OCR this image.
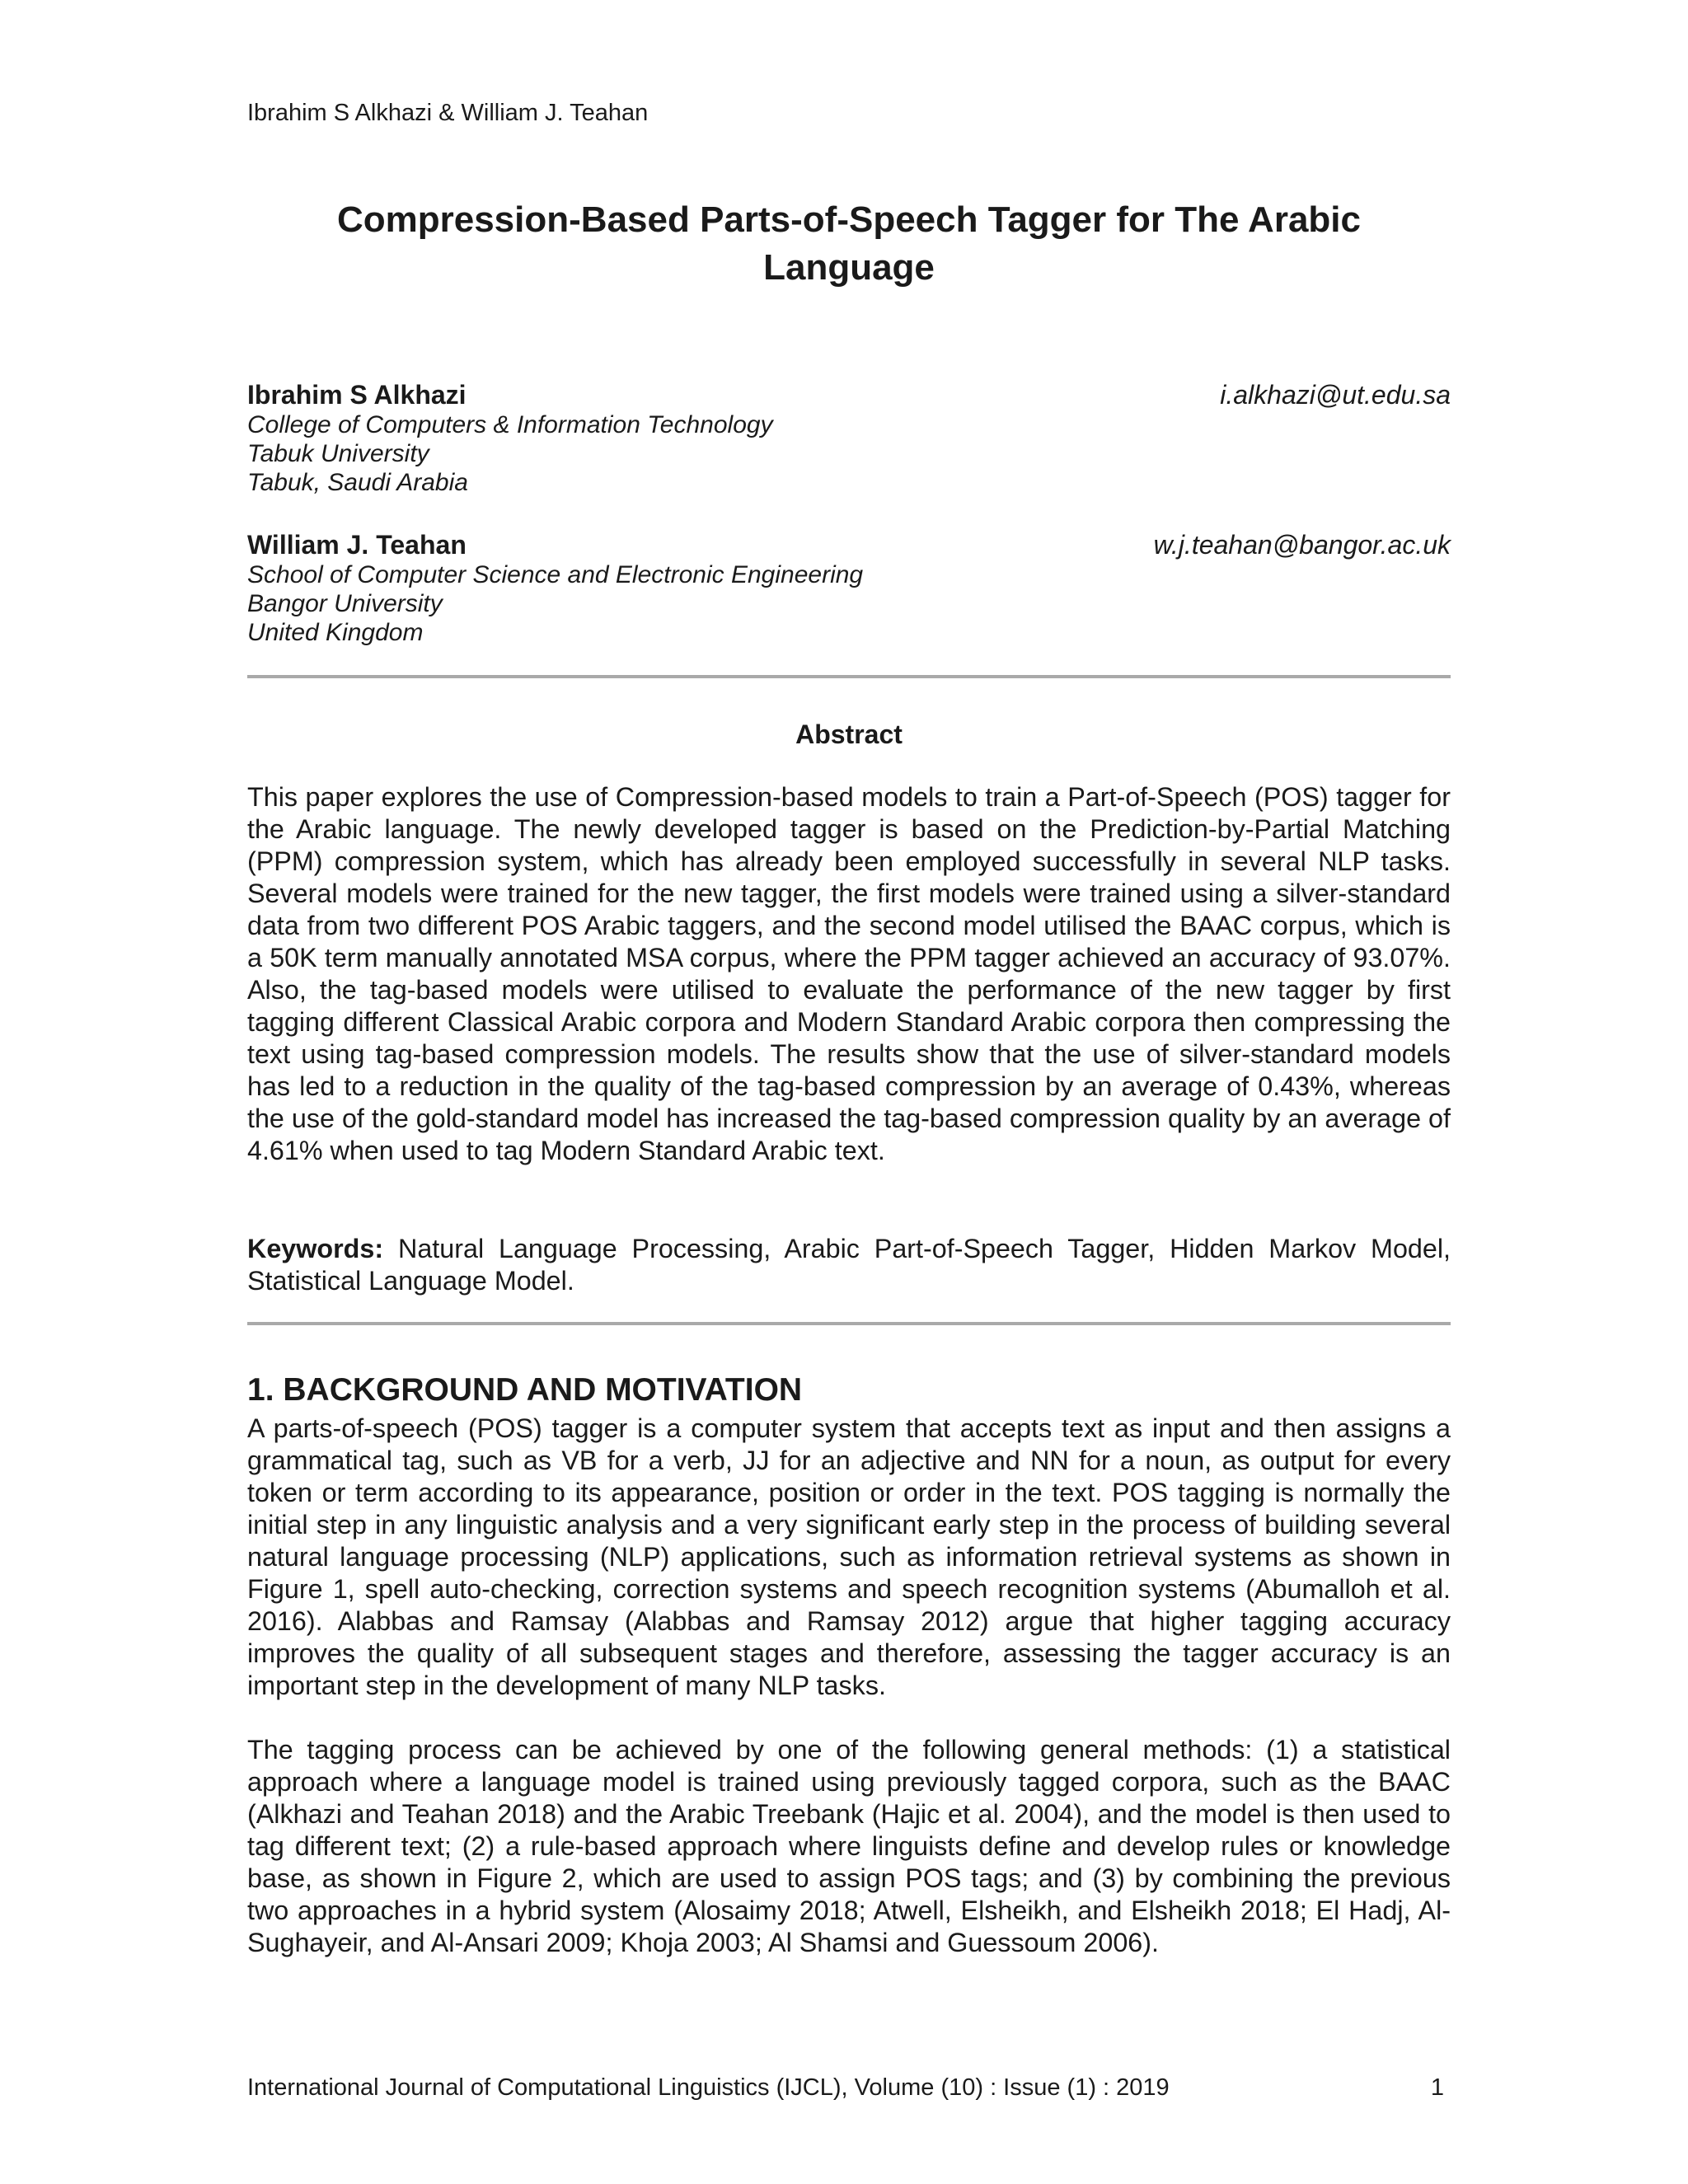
Ibrahim S Alkhazi & William J. Teahan
Compression-Based Parts-of-Speech Tagger for The Arabic Language
Ibrahim S Alkhazi	i.alkhazi@ut.edu.sa
College of Computers & Information Technology
Tabuk University
Tabuk, Saudi Arabia
William J. Teahan	w.j.teahan@bangor.ac.uk
School of Computer Science and Electronic Engineering
Bangor University
United Kingdom
Abstract

This paper explores the use of Compression-based models to train a Part-of-Speech (POS) tagger for the Arabic language. The newly developed tagger is based on the Prediction-by-Partial Matching (PPM) compression system, which has already been employed successfully in several NLP tasks. Several models were trained for the new tagger, the first models were trained using a silver-standard data from two different POS Arabic taggers, and the second model utilised the BAAC corpus, which is a 50K term manually annotated MSA corpus, where the PPM tagger achieved an accuracy of 93.07%. Also, the tag-based models were utilised to evaluate the performance of the new tagger by first tagging different Classical Arabic corpora and Modern Standard Arabic corpora then compressing the text using tag-based compression models. The results show that the use of silver-standard models has led to a reduction in the quality of the tag-based compression by an average of 0.43%, whereas the use of the gold-standard model has increased the tag-based compression quality by an average of 4.61% when used to tag Modern Standard Arabic text.

Keywords: Natural Language Processing, Arabic Part-of-Speech Tagger, Hidden Markov Model, Statistical Language Model.

1. BACKGROUND AND MOTIVATION

A parts-of-speech (POS) tagger is a computer system that accepts text as input and then assigns a grammatical tag, such as VB for a verb, JJ for an adjective and NN for a noun, as output for every token or term according to its appearance, position or order in the text. POS tagging is normally the initial step in any linguistic analysis and a very significant early step in the process of building several natural language processing (NLP) applications, such as information retrieval systems as shown in Figure 1, spell auto-checking, correction systems and speech recognition systems (Abumalloh et al. 2016). Alabbas and Ramsay (Alabbas and Ramsay 2012) argue that higher tagging accuracy improves the quality of all subsequent stages and therefore, assessing the tagger accuracy is an important step in the development of many NLP tasks.

The tagging process can be achieved by one of the following general methods: (1) a statistical approach where a language model is trained using previously tagged corpora, such as the BAAC (Alkhazi and Teahan 2018) and the Arabic Treebank (Hajic et al. 2004), and the model is then used to tag different text; (2) a rule-based approach where linguists define and develop rules or knowledge base, as shown in Figure 2, which are used to assign POS tags; and (3) by combining the previous two approaches in a hybrid system (Alosaimy 2018; Atwell, Elsheikh, and Elsheikh 2018; El Hadj, Al-Sughayeir, and Al-Ansari 2009; Khoja 2003; Al Shamsi and Guessoum 2006).

International Journal of Computational Linguistics (IJCL), Volume (10) : Issue (1) : 2019	1
